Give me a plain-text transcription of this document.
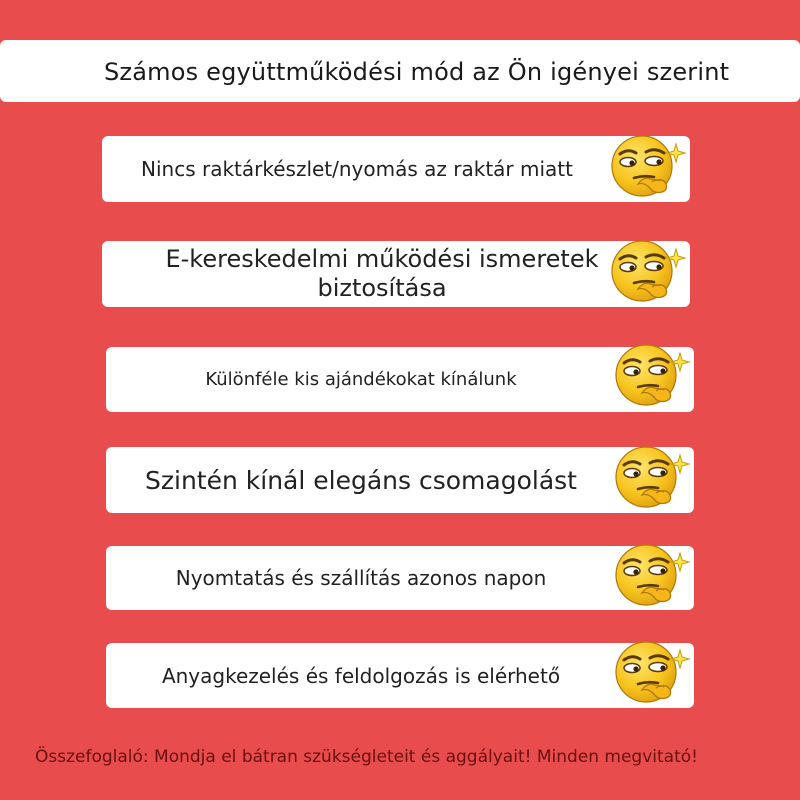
Számos együttműködési mód az Ön igényei szerint
Nincs raktárkészlet/nyomás az raktár miatt
E-kereskedelmi működési ismeretek biztosítása
Különféle kis ajándékokat kínálunk
Szintén kínál elegáns csomagolást
Nyomtatás és szállítás azonos napon
Anyagkezelés és feldolgozás is elérhető
Összefoglaló: Mondja el bátran szükségleteit és aggályait! Minden megvitató!
